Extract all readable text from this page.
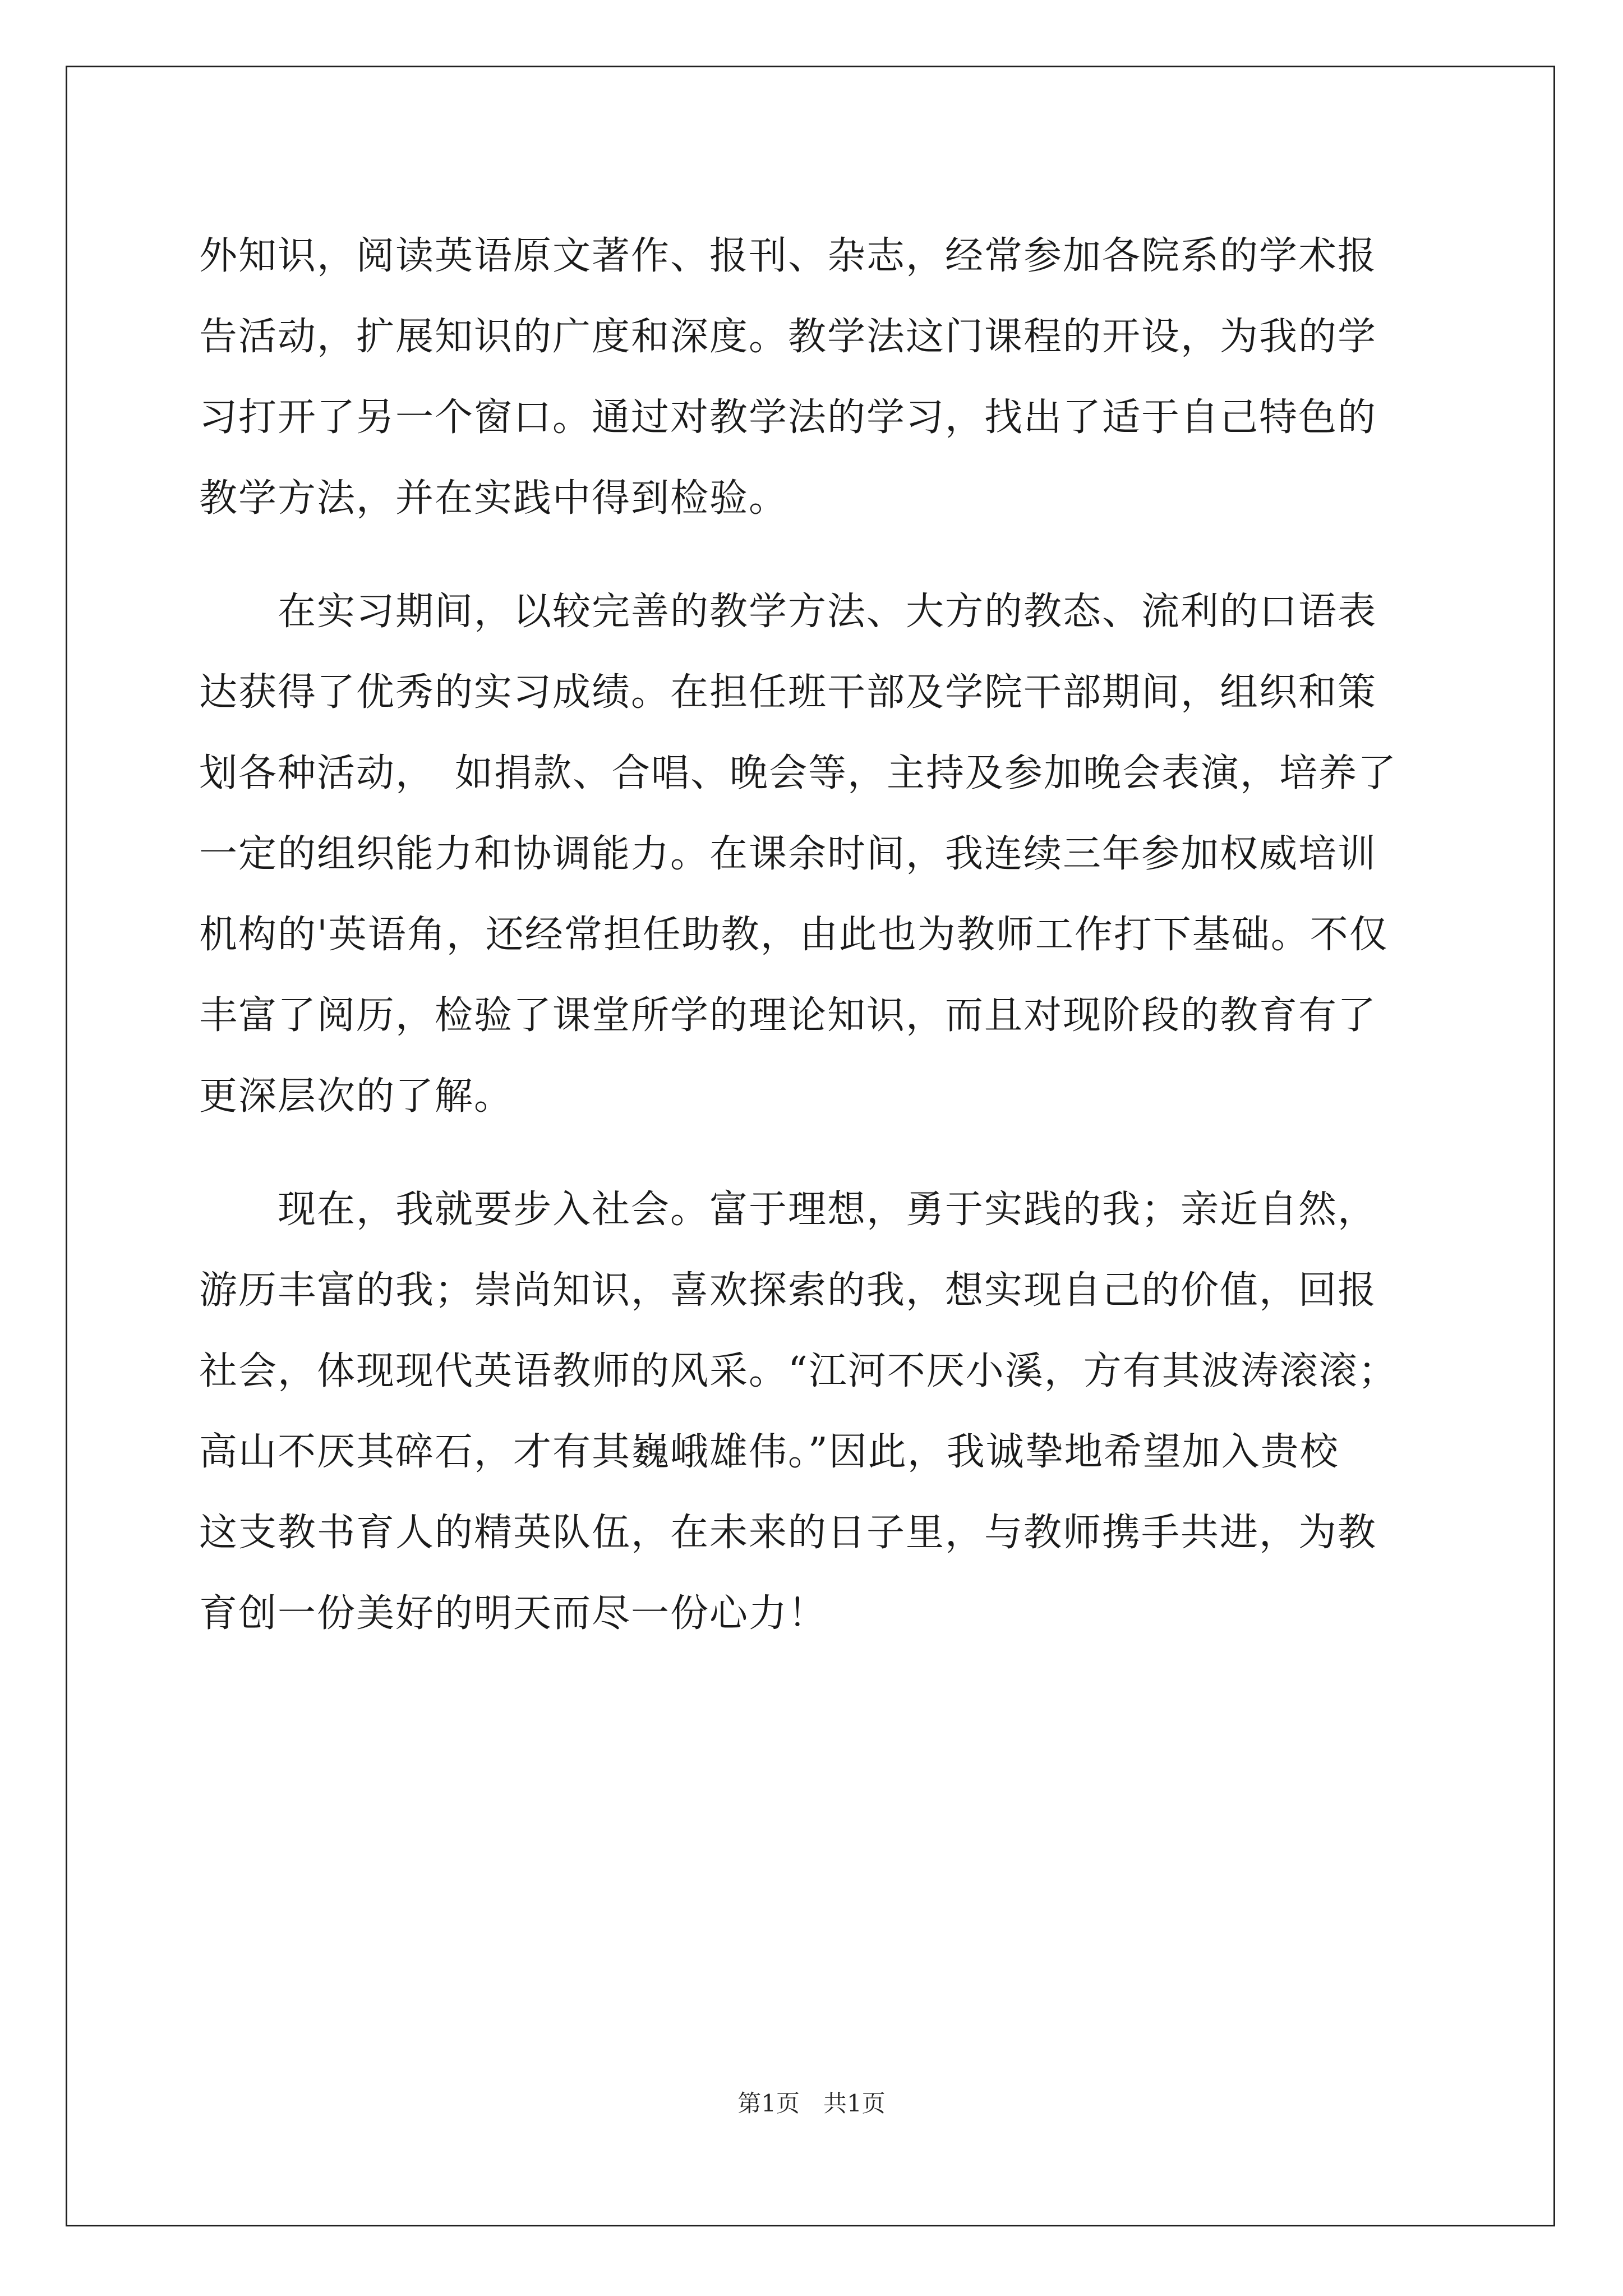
外知识，阅读英语原文著作、报刊、杂志，经常参加各院系的学术报
告活动，扩展知识的广度和深度。教学法这门课程的开设，为我的学
习打开了另一个窗口。通过对教学法的学习，找出了适于自己特色的
教学方法，并在实践中得到检验。
　　在实习期间，以较完善的教学方法、大方的教态、流利的口语表
达获得了优秀的实习成绩。在担任班干部及学院干部期间，组织和策
划各种活动，　如捐款、合唱、晚会等，主持及参加晚会表演，培养了
一定的组织能力和协调能力。在课余时间，我连续三年参加权威培训
机构的'英语角，还经常担任助教，由此也为教师工作打下基础。不仅
丰富了阅历，检验了课堂所学的理论知识，而且对现阶段的教育有了
更深层次的了解。
　　现在，我就要步入社会。富于理想，勇于实践的我；亲近自然，
游历丰富的我；崇尚知识，喜欢探索的我，想实现自己的价值，回报
社会，体现现代英语教师的风采。“江河不厌小溪，方有其波涛滚滚；
高山不厌其碎石，才有其巍峨雄伟。”因此，我诚挚地希望加入贵校
这支教书育人的精英队伍，在未来的日子里，与教师携手共进，为教
育创一份美好的明天而尽一份心力！
第1页　共1页
